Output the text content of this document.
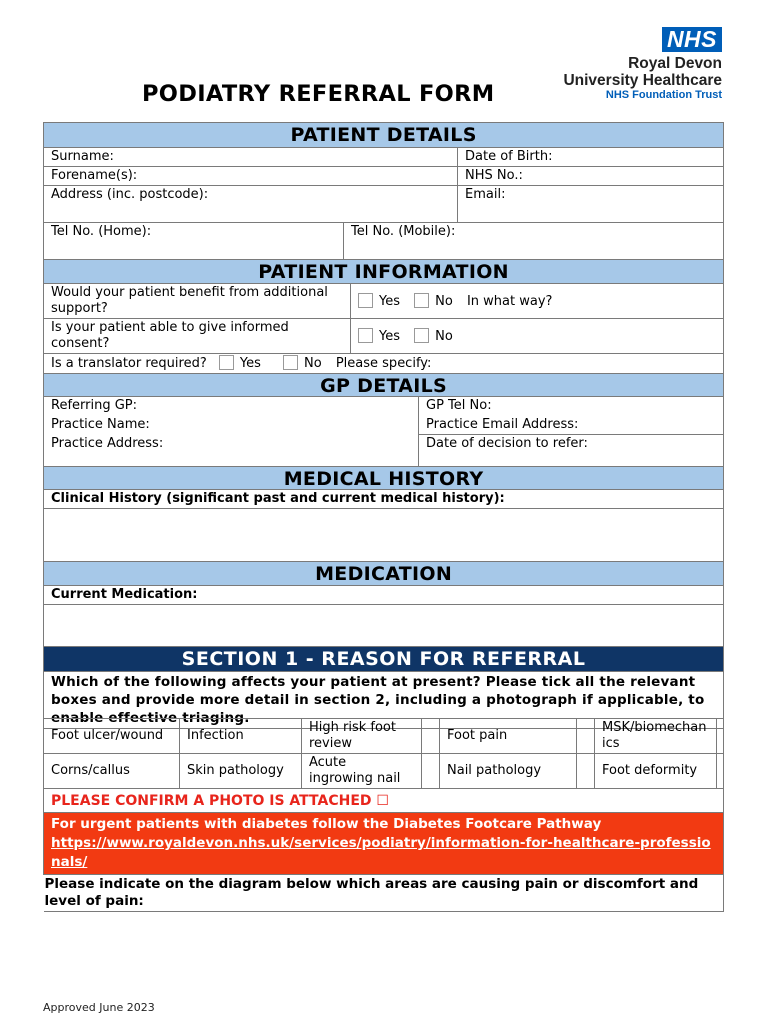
NHS
Royal Devon
University Healthcare
NHS Foundation Trust
PODIATRY REFERRAL FORM
PATIENT DETAILS				
Surname:				Date of Birth:
Forename(s):				NHS No.:
Address (inc. postcode):				Email:
Tel No. (Home):	Tel No. (Mobile):			
PATIENT INFORMATION				
Would your patient benefit from additional support?		Yes No In what way?		
Is your patient able to give informed consent?		Yes No		
Is a translator required? Yes No Please specify:				
GP DETAILS				
Referring GP:			GP Tel No:	
Practice Name:			Practice Email Address:	
Practice Address:			Date of decision to refer:	
MEDICAL HISTORY				
Clinical History (significant past and current medical history):				

MEDICATION				
Current Medication:				

SECTION 1 - REASON FOR REFERRAL				
Which of the following affects your patient at present? Please tick all the relevant boxes and provide more detail in section 2, including a photograph if applicable, to enable effective triaging.				
Foot ulcer/wound	Infection	High risk foot review		Foot pain		MSK/biomechanics	
Corns/callus	Skin pathology	Acute ingrowing nail		Nail pathology		Foot deformity	
PLEASE CONFIRM A PHOTO IS ATTACHED ☐							

For urgent patients with diabetes follow the Diabetes Footcare Pathway
https://www.royaldevon.nhs.uk/services/podiatry/information-for-healthcare-professionals/							
Please indicate on the diagram below which areas are causing pain or discomfort and level of pain:							
Approved June 2023
